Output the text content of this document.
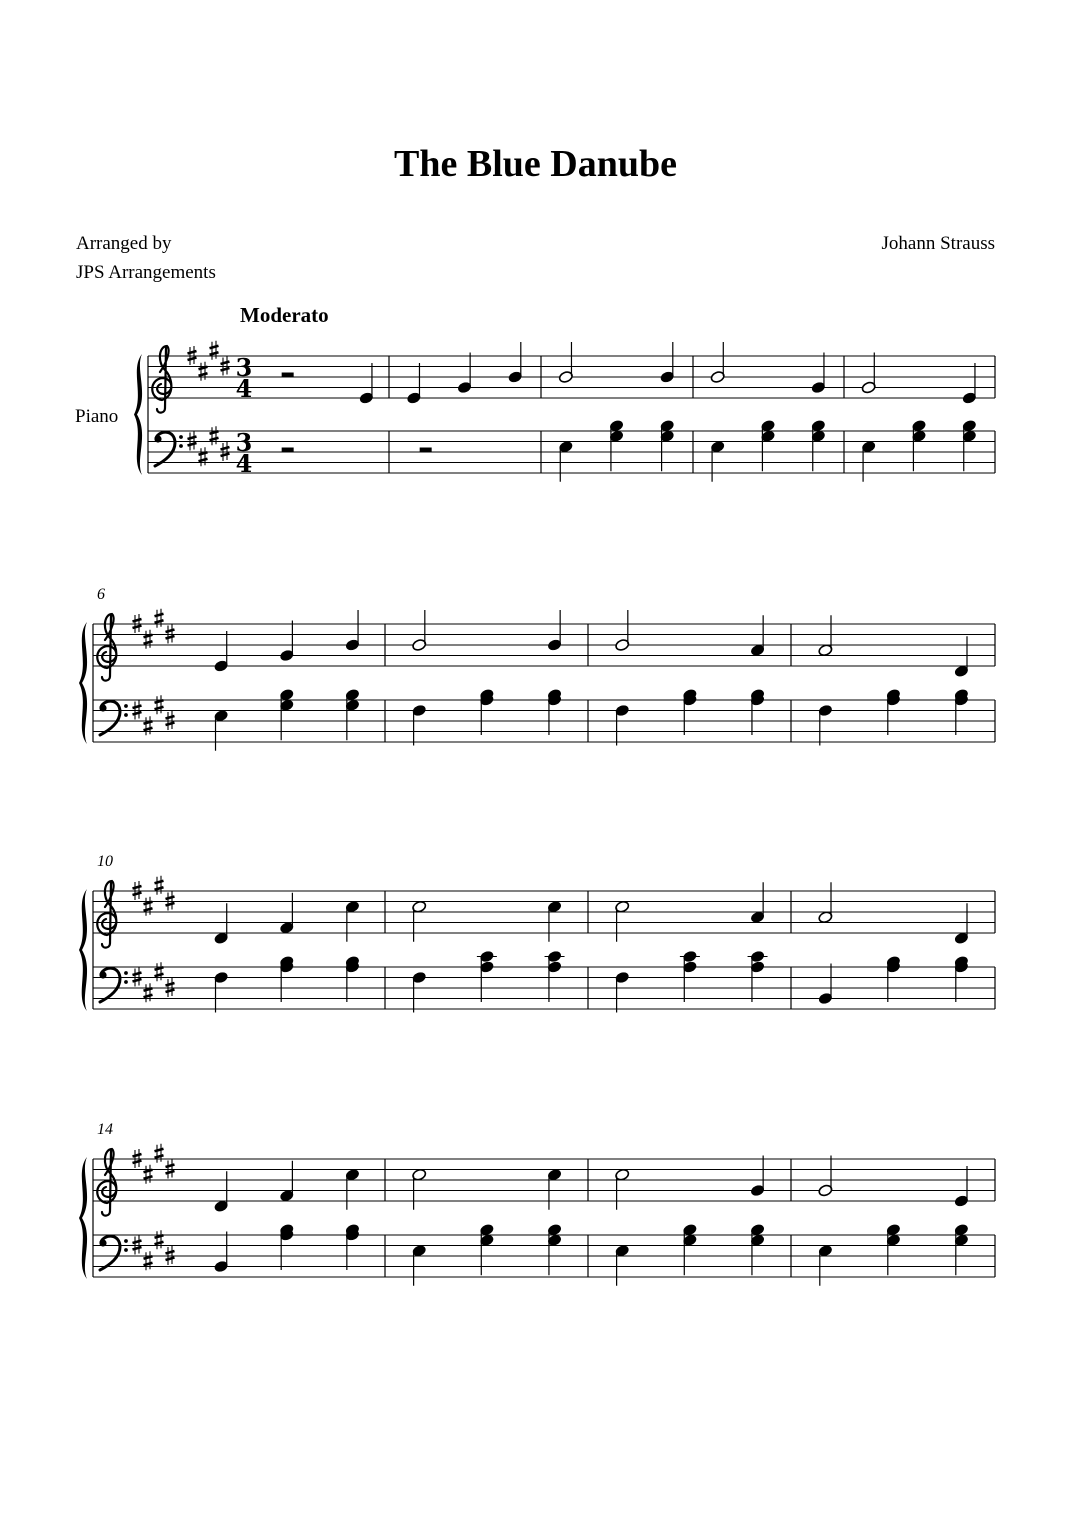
The Blue Danube
Arranged by
JPS Arrangements
Johann Strauss
Moderato
Piano
6
10
14
3
4
3
4
